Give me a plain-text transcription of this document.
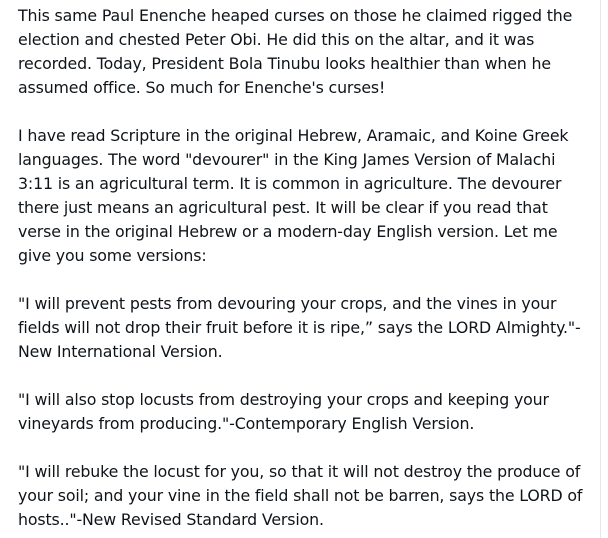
This same Paul Enenche heaped curses on those he claimed rigged the election and chested Peter Obi. He did this on the altar, and it was recorded. Today, President Bola Tinubu looks healthier than when he assumed office. So much for Enenche's curses!

I have read Scripture in the original Hebrew, Aramaic, and Koine Greek languages. The word "devourer" in the King James Version of Malachi 3:11 is an agricultural term. It is common in agriculture. The devourer there just means an agricultural pest. It will be clear if you read that verse in the original Hebrew or a modern-day English version. Let me give you some versions:

"I will prevent pests from devouring your crops, and the vines in your fields will not drop their fruit before it is ripe,” says the LORD Almighty."-New International Version.

"I will also stop locusts from destroying your crops and keeping your vineyards from producing."-Contemporary English Version.

"I will rebuke the locust for you, so that it will not destroy the produce of your soil; and your vine in the field shall not be barren, says the LORD of hosts.."-New Revised Standard Version.
